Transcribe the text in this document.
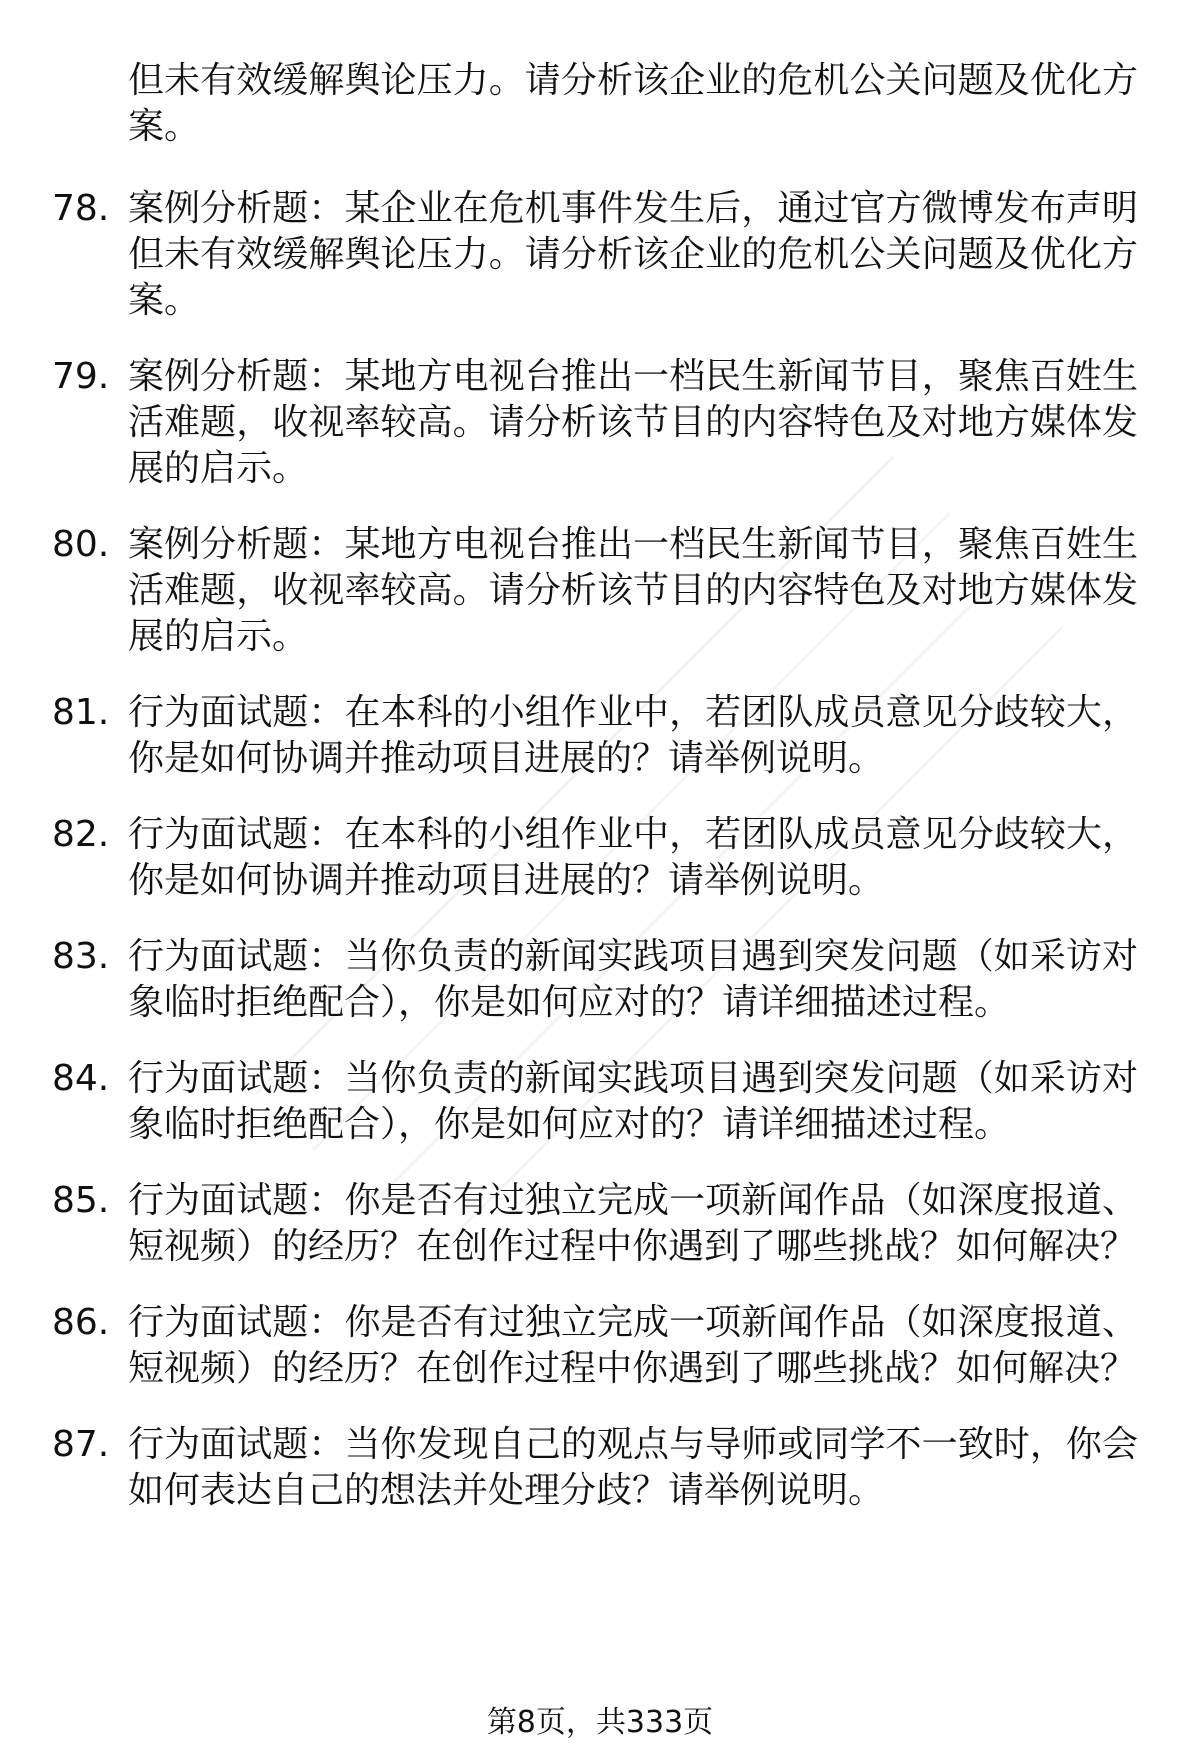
但未有效缓解舆论压力。请分析该企业的危机公关问题及优化方案。
78. 案例分析题：某企业在危机事件发生后，通过官方微博发布声明但未有效缓解舆论压力。请分析该企业的危机公关问题及优化方案。
79. 案例分析题：某地方电视台推出一档民生新闻节目，聚焦百姓生活难题，收视率较高。请分析该节目的内容特色及对地方媒体发展的启示。
80. 案例分析题：某地方电视台推出一档民生新闻节目，聚焦百姓生活难题，收视率较高。请分析该节目的内容特色及对地方媒体发展的启示。
81. 行为面试题：在本科的小组作业中，若团队成员意见分歧较大，你是如何协调并推动项目进展的？请举例说明。
82. 行为面试题：在本科的小组作业中，若团队成员意见分歧较大，你是如何协调并推动项目进展的？请举例说明。
83. 行为面试题：当你负责的新闻实践项目遇到突发问题（如采访对象临时拒绝配合），你是如何应对的？请详细描述过程。
84. 行为面试题：当你负责的新闻实践项目遇到突发问题（如采访对象临时拒绝配合），你是如何应对的？请详细描述过程。
85. 行为面试题：你是否有过独立完成一项新闻作品（如深度报道、短视频）的经历？在创作过程中你遇到了哪些挑战？如何解决？
86. 行为面试题：你是否有过独立完成一项新闻作品（如深度报道、短视频）的经历？在创作过程中你遇到了哪些挑战？如何解决？
87. 行为面试题：当你发现自己的观点与导师或同学不一致时，你会如何表达自己的想法并处理分歧？请举例说明。
第8页，共333页
